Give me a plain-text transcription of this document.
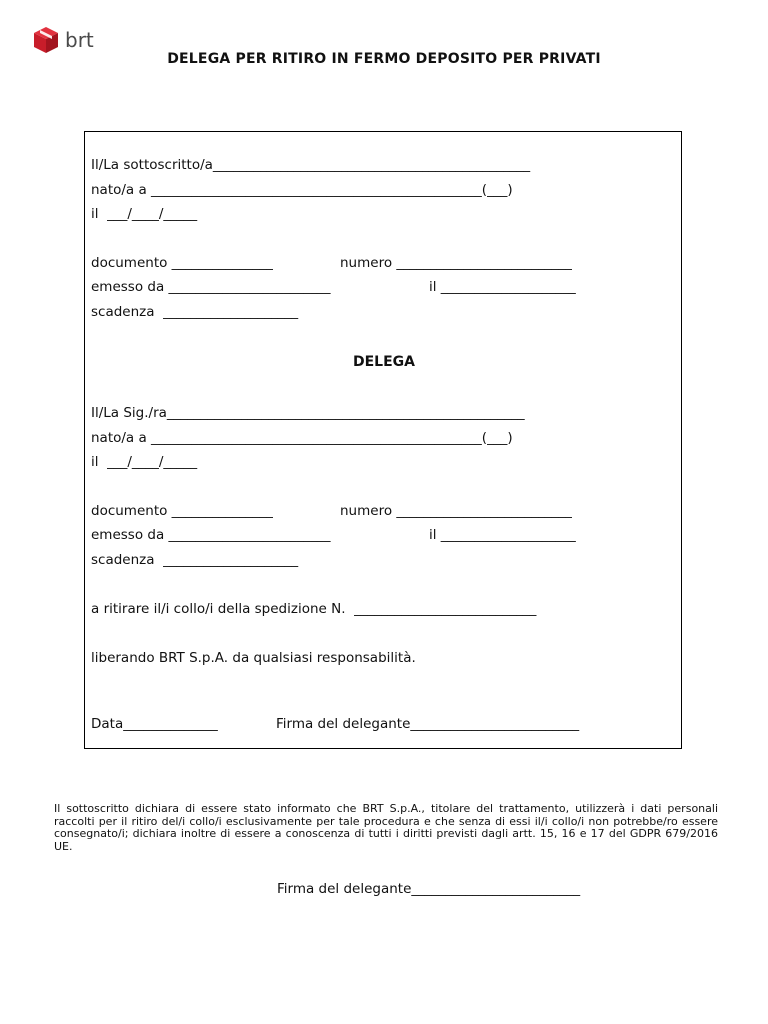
brt
DELEGA PER RITIRO IN FERMO DEPOSITO PER PRIVATI
Il/La sottoscritto/a_______________________________________________
nato/a a _________________________________________________(___)
il  ___/____/_____
documento _______________	numero __________________________
emesso da ________________________	il ____________________
scadenza  ____________________
DELEGA
Il/La Sig./ra_____________________________________________________
nato/a a _________________________________________________(___)
il  ___/____/_____
documento _______________	numero __________________________
emesso da ________________________	il ____________________
scadenza  ____________________
a ritirare il/i collo/i della spedizione N.  ___________________________
liberando BRT S.p.A. da qualsiasi responsabilità.
Data______________	Firma del delegante_________________________
Il sottoscritto dichiara di essere stato informato che BRT S.p.A., titolare del trattamento, utilizzerà i dati personali raccolti per il ritiro del/i collo/i esclusivamente per tale procedura e che senza di essi il/i collo/i non potrebbe/ro essere consegnato/i; dichiara inoltre di essere a conoscenza di tutti i diritti previsti dagli artt. 15, 16 e 17 del GDPR 679/2016 UE.
Firma del delegante_________________________
